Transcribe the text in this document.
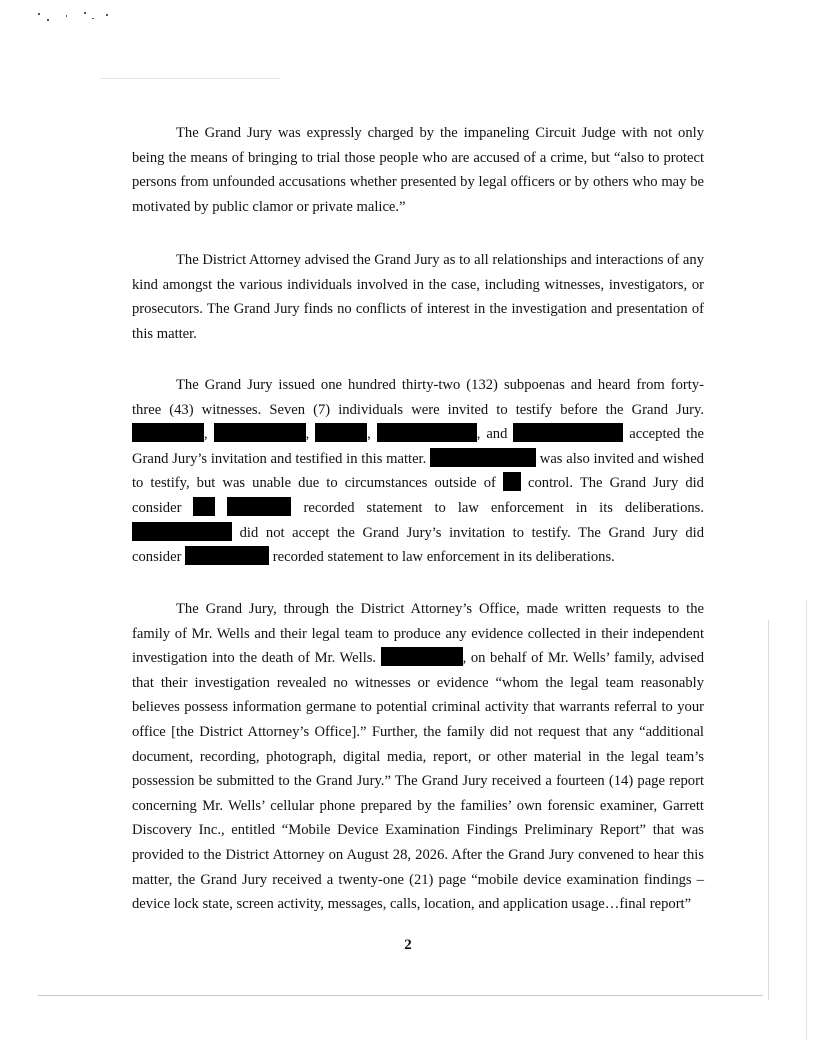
The Grand Jury was expressly charged by the impaneling Circuit Judge with not only being the means of bringing to trial those people who are accused of a crime, but “also to protect persons from unfounded accusations whether presented by legal officers or by others who may be motivated by public clamor or private malice.”

The District Attorney advised the Grand Jury as to all relationships and interactions of any kind amongst the various individuals involved in the case, including witnesses, investigators, or prosecutors. The Grand Jury finds no conflicts of interest in the investigation and presentation of this matter.

The Grand Jury issued one hundred thirty-two (132) subpoenas and heard from forty-three (43) witnesses. Seven (7) individuals were invited to testify before the Grand Jury. ,	,	,	, and	accepted the Grand Jury’s invitation and testified in this matter.	was also invited and wished to testify, but was unable due to circumstances outside of control. The Grand Jury did consider	recorded statement to law enforcement in its deliberations.  did not accept the Grand Jury’s invitation to testify. The Grand Jury did consider	recorded statement to law enforcement in its deliberations.

The Grand Jury, through the District Attorney’s Office, made written requests to the family of Mr. Wells and their legal team to produce any evidence collected in their independent investigation into the death of Mr. Wells.	, on behalf of Mr. Wells’ family, advised that their investigation revealed no witnesses or evidence “whom the legal team reasonably believes possess information germane to potential criminal activity that warrants referral to your office [the District Attorney’s Office].” Further, the family did not request that any “additional document, recording, photograph, digital media, report, or other material in the legal team’s possession be submitted to the Grand Jury.” The Grand Jury received a fourteen (14) page report concerning Mr. Wells’ cellular phone prepared by the families’ own forensic examiner, Garrett Discovery Inc., entitled “Mobile Device Examination Findings Preliminary Report” that was provided to the District Attorney on August 28, 2026. After the Grand Jury convened to hear this matter, the Grand Jury received a twenty-one (21) page “mobile device examination findings – device lock state, screen activity, messages, calls, location, and application usage…final report”

2
